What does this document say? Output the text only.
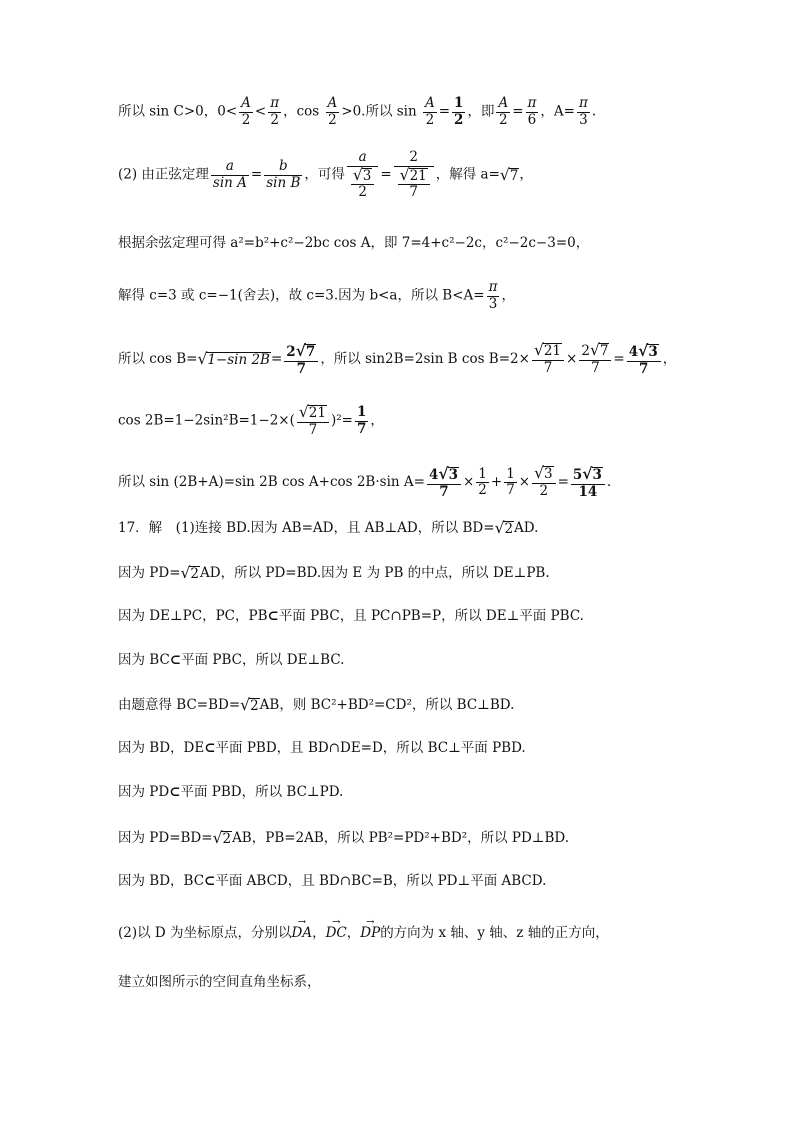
所以 sin C>0，$0< \frac{A}{2} < \frac{\pi}{2}$ ，$\cos \frac{A}{2} >0$.所以 $\sin \frac{A}{2} = \frac{1}{2}$ ，即 $\frac{A}{2} = \frac{\pi}{6}$ ，$A= \frac{\pi}{3}$ .
(2) 由正弦定理 $\frac{a}{\text{sin A}} = \frac{b}{\text{sin B}}$ ，可得 $\frac{a}{\frac{√3}{2}} = \frac{2}{\frac{√21}{7}}$ ，解得 a=√7，
根据余弦定理可得 a²=b²+c²−2bc cos A，即 7=4+c²−2c，c²−2c−3=0，
解得 c=3 或 c=−1(舍去)，故 c=3.因为 b<a，所以 $B<A= \frac{\pi}{3}$ ，
所以 cos B=√1−sin $2B= \frac{2√7}{7}$ ，所以 sin2B=2sin B $\cos B=2\times \frac{√21}{7} \times \frac{2√7}{7} = \frac{4√3}{7}$ ，
$\cos 2B=1-2\sin^2B=1-2\times( \frac{√21}{7} )^2= \frac{1}{7}$ ，
所以 sin (2B+A)=sin 2B cos A+cos 2B·sin $A= \frac{4√3}{7} \times \frac{1}{2} + \frac{1}{7} \times \frac{√3}{2} = \frac{5√3}{14}$ .
17．解　(1)连接 BD.因为 AB=AD，且 AB⊥AD，所以 BD=√2AD.
因为 PD=√2AD，所以 PD=BD.因为 E 为 PB 的中点，所以 DE⊥PB.
因为 DE⊥PC，PC，PB⊂平面 PBC，且 PC∩PB=P，所以 DE⊥平面 PBC.
因为 BC⊂平面 PBC，所以 DE⊥BC.
由题意得 BC=BD=√2AB，则 BC²+BD²=CD²，所以 BC⊥BD.
因为 BD，DE⊂平面 PBD，且 BD∩DE=D，所以 BC⊥平面 PBD.
因为 PD⊂平面 PBD，所以 BC⊥PD.
因为 PD=BD=√2AB，PB=2AB，所以 PB²=PD²+BD²，所以 PD⊥BD.
因为 BD，BC⊂平面 ABCD，且 BD∩BC=B，所以 PD⊥平面 ABCD.
(2)以 D 为坐标原点，分别以→ DA，→ DC，→ DP的方向为 x 轴、y 轴、z 轴的正方向，
建立如图所示的空间直角坐标系，
